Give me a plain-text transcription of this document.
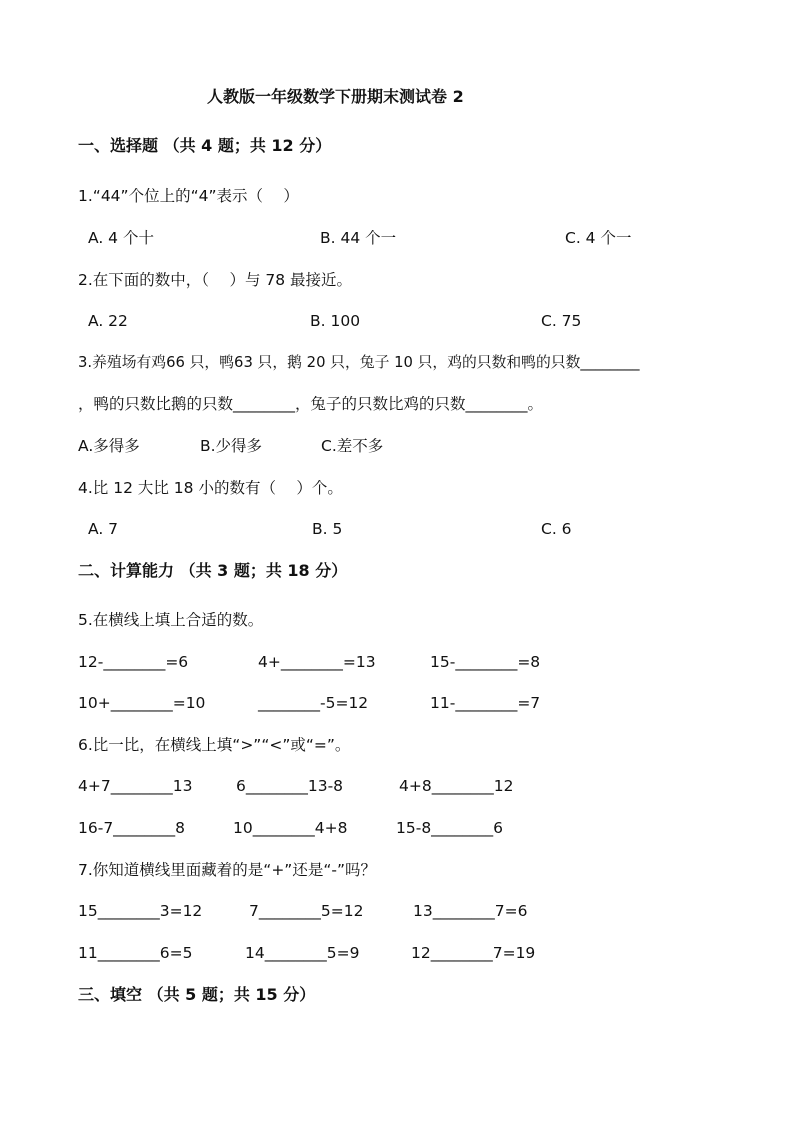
人教版一年级数学下册期末测试卷 2
一、选择题 （共 4 题；共 12 分）
1.“44”个位上的“4”表示（　 ）
A. 4 个十	B. 44 个一	C. 4 个一
2.在下面的数中，（　 ）与 78 最接近。
A. 22	B. 100	C. 75
3.养殖场有鸡66 只，鸭63 只，鹅 20 只，兔子 10 只，鸡的只数和鸭的只数________
，鸭的只数比鹅的只数________，兔子的只数比鸡的只数________。
A.多得多	B.少得多	C.差不多
4.比 12 大比 18 小的数有（　 ）个。
A. 7	B. 5	C. 6
二、计算能力 （共 3 题；共 18 分）
5.在横线上填上合适的数。
12-________=6	4+________=13	15-________=8
10+________=10	________-5=12	11-________=7
6.比一比，在横线上填“>”“<”或“=”。
4+7________13	6________13-8	4+8________12
16-7________8	10________4+8	15-8________6
7.你知道横线里面藏着的是“+”还是“-”吗？
15________3=12	7________5=12	13________7=6
11________6=5	14________5=9	12________7=19
三、填空 （共 5 题；共 15 分）
